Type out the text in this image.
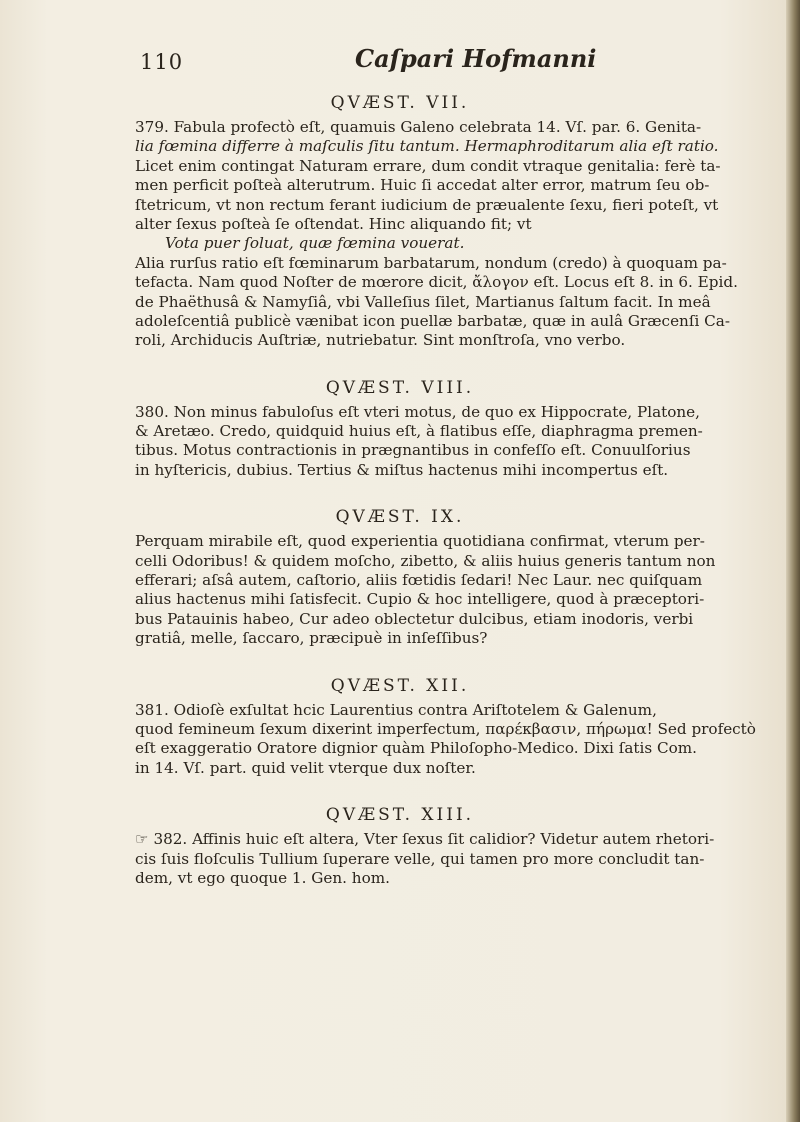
110	Caſpari Hofmanni
QVÆST. VII.
379. Fabula profectò eſt, quamuis Galeno celebrata 14. Vſ. par. 6. Genita-
lia fœmina differre à maſculis ſitu tantum. Hermaphroditarum alia eſt ratio.
Licet enim contingat Naturam errare, dum condit vtraque genitalia: ferè ta-
men perficit poſteà alterutrum. Huic ſi accedat alter error, matrum ſeu ob-
ſtetricum, vt non rectum ferant iudicium de præualente ſexu, fieri poteſt, vt
alter ſexus poſteà ſe oſtendat. Hinc aliquando fit; vt
Vota puer ſoluat, quæ fœmina vouerat.
Alia rurſus ratio eſt fœminarum barbatarum, nondum (credo) à quoquam pa-
tefacta. Nam quod Noſter de mœrore dicit, ἄλογον eſt. Locus eſt 8. in 6. Epid.
de Phaëthusâ & Namyſiâ, vbi Valleſius ſilet, Martianus ſaltum facit. In meâ
adoleſcentiâ publicè vænibat icon puellæ barbatæ, quæ in aulâ Græcenſi Ca-
roli, Archiducis Auſtriæ, nutriebatur. Sint monſtroſa, vno verbo.
QVÆST. VIII.
380. Non minus fabuloſus eſt vteri motus, de quo ex Hippocrate, Platone,
& Aretæo. Credo, quidquid huius eſt, à flatibus eſſe, diaphragma premen-
tibus. Motus contractionis in prægnantibus in confeſſo eſt. Conuulſorius
in hyſtericis, dubius. Tertius & miſtus hactenus mihi incompertus eſt.
QVÆST. IX.
Perquam mirabile eſt, quod experientia quotidiana confirmat, vterum per-
celli Odoribus! & quidem moſcho, zibetto, & aliis huius generis tantum non
efferari; aſsâ autem, caſtorio, aliis fœtidis ſedari! Nec Laur. nec quiſquam
alius hactenus mihi ſatisfecit. Cupio & hoc intelligere, quod à præceptori-
bus Patauinis habeo, Cur adeo oblectetur dulcibus, etiam inodoris, verbi
gratiâ, melle, ſaccaro, præcipuè in inſeſſibus?
QVÆST. XII.
381. Odioſè exſultat hcic Laurentius contra Ariſtotelem & Galenum,
quod femineum ſexum dixerint imperfectum, παρέκβασιν, πήρωμα! Sed profectò
eſt exaggeratio Oratore dignior quàm Philoſopho-Medico. Dixi ſatis Com.
in 14. Vſ. part. quid velit vterque dux noſter.
QVÆST. XIII.
☞ 382. Affinis huic eſt altera, Vter ſexus ſit calidior? Videtur autem rhetori-
cis ſuis floſculis Tullium ſuperare velle, qui tamen pro more concludit tan-
dem, vt ego quoque 1. Gen. hom.
